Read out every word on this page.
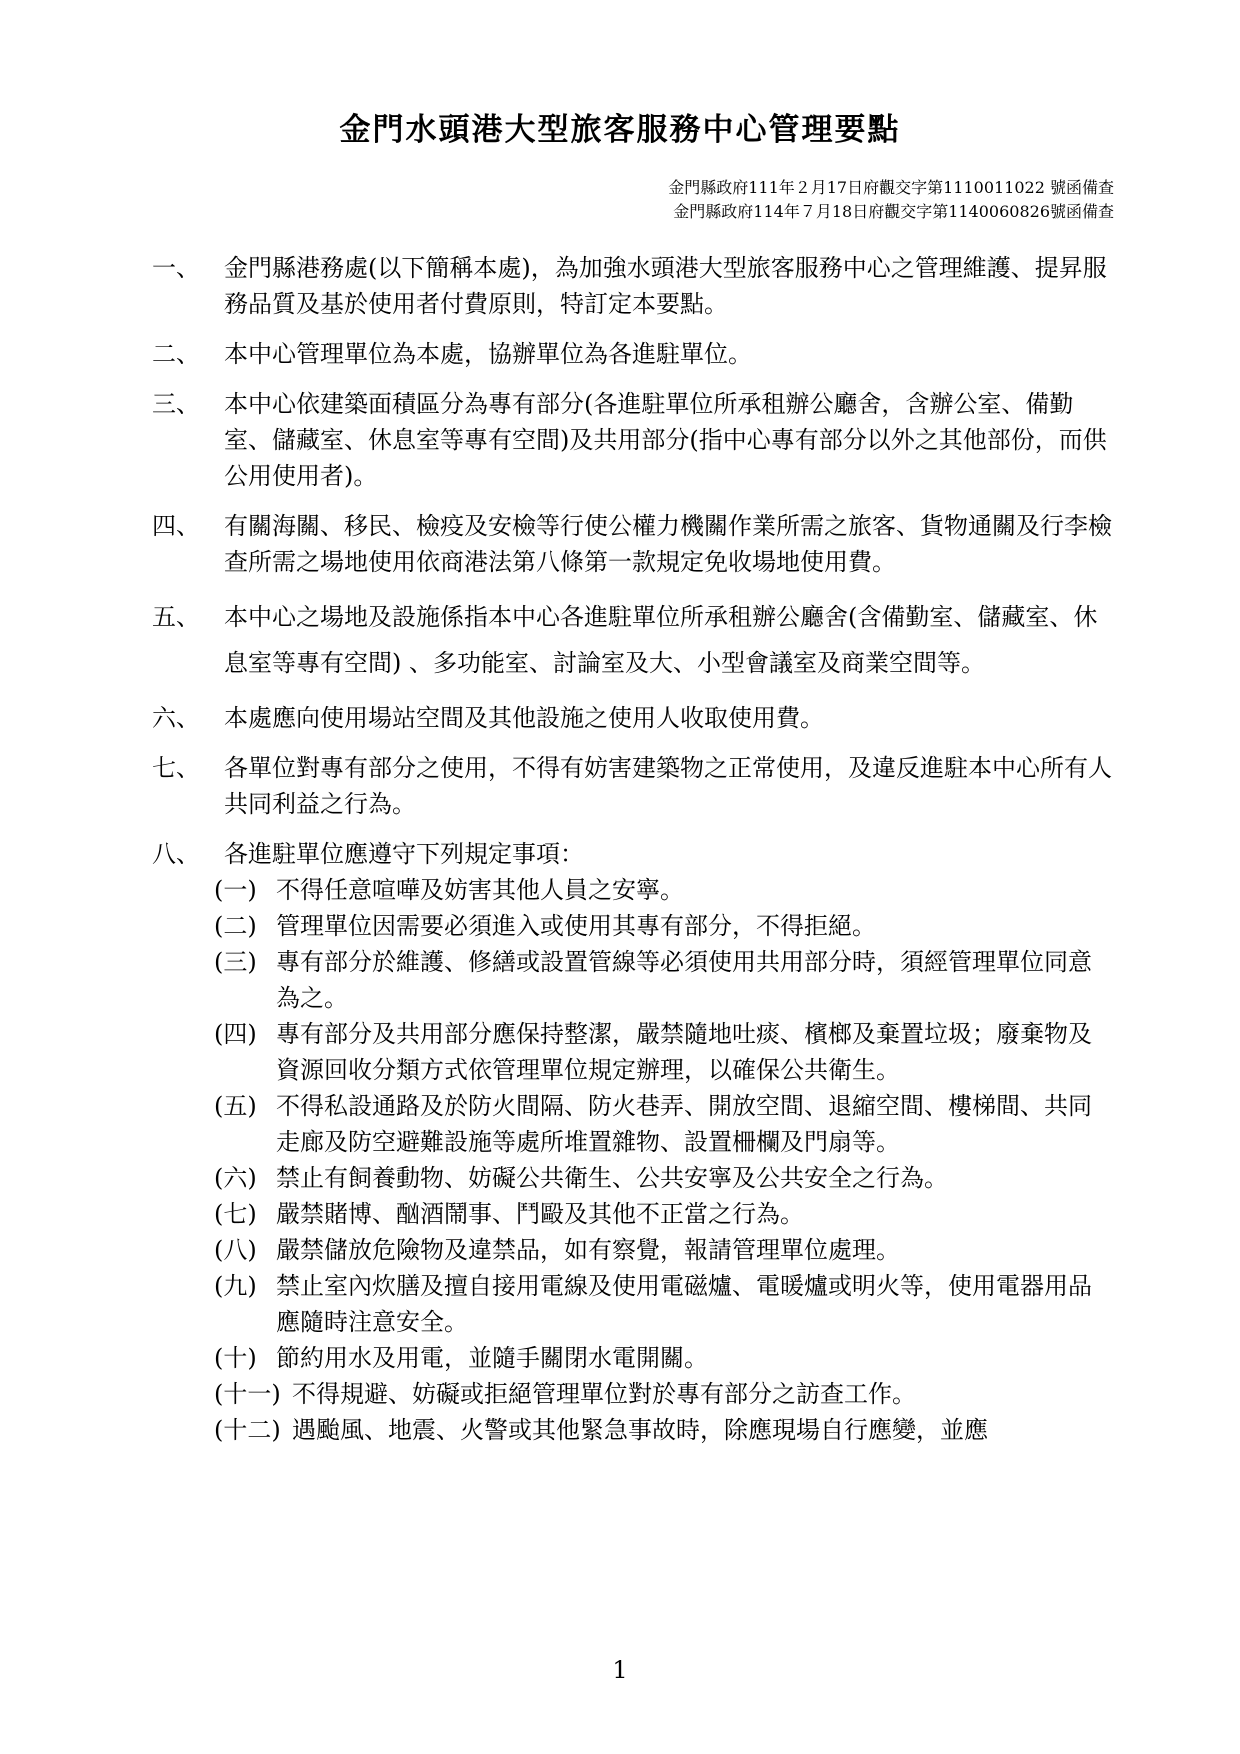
金門水頭港大型旅客服務中心管理要點
金門縣政府111年２月17日府觀交字第1110011022 號函備查
金門縣政府114年７月18日府觀交字第1140060826號函備查
一、	金門縣港務處(以下簡稱本處)，為加強水頭港大型旅客服務中心之管理維護、提昇服務品質及基於使用者付費原則，特訂定本要點。
二、	本中心管理單位為本處，協辦單位為各進駐單位。
三、	本中心依建築面積區分為專有部分(各進駐單位所承租辦公廳舍，含辦公室、備勤室、儲藏室、休息室等專有空間)及共用部分(指中心專有部分以外之其他部份，而供公用使用者)。
四、	有關海關、移民、檢疫及安檢等行使公權力機關作業所需之旅客、貨物通關及行李檢查所需之場地使用依商港法第八條第一款規定免收場地使用費。
五、	本中心之場地及設施係指本中心各進駐單位所承租辦公廳舍(含備勤室、儲藏室、休息室等專有空間) 、多功能室、討論室及大、小型會議室及商業空間等。
六、	本處應向使用場站空間及其他設施之使用人收取使用費。
七、	各單位對專有部分之使用，不得有妨害建築物之正常使用，及違反進駐本中心所有人共同利益之行為。
八、	各進駐單位應遵守下列規定事項：
(一) 不得任意喧嘩及妨害其他人員之安寧。
(二) 管理單位因需要必須進入或使用其專有部分，不得拒絕。
(三) 專有部分於維護、修繕或設置管線等必須使用共用部分時，須經管理單位同意為之。
(四) 專有部分及共用部分應保持整潔，嚴禁隨地吐痰、檳榔及棄置垃圾；廢棄物及資源回收分類方式依管理單位規定辦理，以確保公共衛生。
(五) 不得私設通路及於防火間隔、防火巷弄、開放空間、退縮空間、樓梯間、共同走廊及防空避難設施等處所堆置雜物、設置柵欄及門扇等。
(六) 禁止有飼養動物、妨礙公共衛生、公共安寧及公共安全之行為。
(七) 嚴禁賭博、酗酒鬧事、鬥毆及其他不正當之行為。
(八) 嚴禁儲放危險物及違禁品，如有察覺，報請管理單位處理。
(九) 禁止室內炊膳及擅自接用電線及使用電磁爐、電暖爐或明火等，使用電器用品應隨時注意安全。
(十) 節約用水及用電，並隨手關閉水電開關。
(十一) 不得規避、妨礙或拒絕管理單位對於專有部分之訪查工作。
(十二) 遇颱風、地震、火警或其他緊急事故時，除應現場自行應變，並應
1
